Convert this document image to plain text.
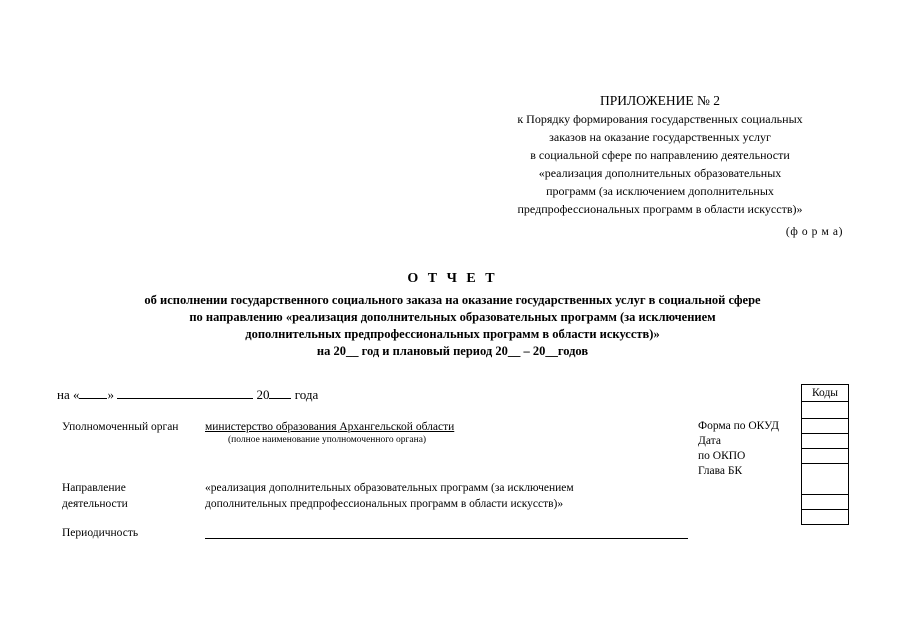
ПРИЛОЖЕНИЕ № 2
к Порядку формирования государственных социальных
заказов на оказание государственных услуг
в социальной сфере по направлению деятельности
«реализация дополнительных образовательных
программ (за исключением дополнительных
предпрофессиональных программ в области искусств)»
(ф о р м а)
О Т Ч Е Т
об исполнении государственного социального заказа на оказание государственных услуг в социальной сфере
по направлению «реализация дополнительных образовательных программ (за исключением
дополнительных предпрофессиональных программ в области искусств)»
на 20__ год и плановый период 20__ – 20__годов
на « »	20 года
Уполномоченный орган министерство образования Архангельской области
(полное наименование уполномоченного органа)
Направление
деятельности
«реализация дополнительных образовательных программ (за исключением
дополнительных предпрофессиональных программ в области искусств)»
Периодичность
Форма по ОКУД
Дата
по ОКПО
Глава БК
Коды
